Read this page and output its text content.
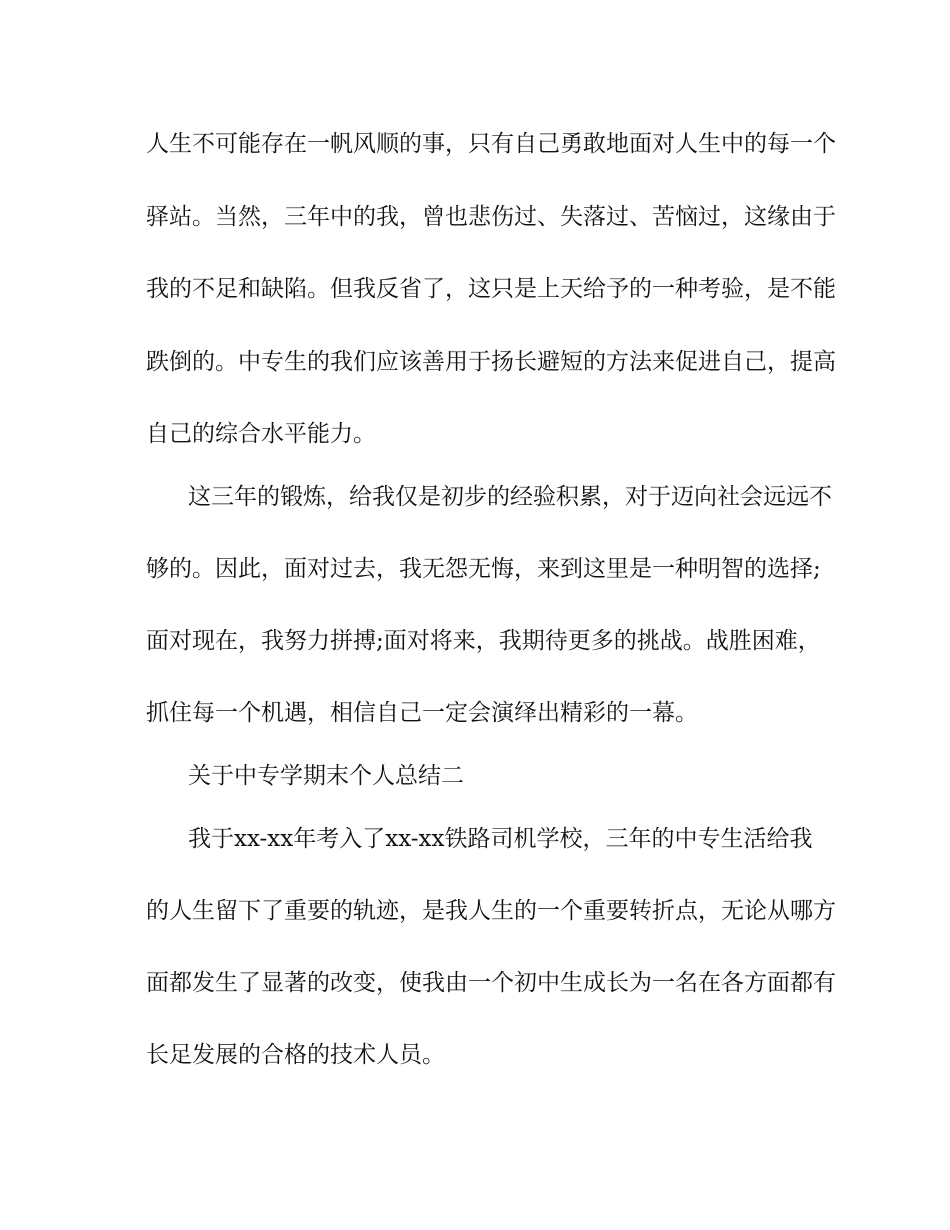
人生不可能存在一帆风顺的事，只有自己勇敢地面对人生中的每一个
驿站。当然，三年中的我，曾也悲伤过、失落过、苦恼过，这缘由于
我的不足和缺陷。但我反省了，这只是上天给予的一种考验，是不能
跌倒的。中专生的我们应该善用于扬长避短的方法来促进自己，提高
自己的综合水平能力。
这三年的锻炼，给我仅是初步的经验积累，对于迈向社会远远不
够的。因此，面对过去，我无怨无悔，来到这里是一种明智的选择;
面对现在，我努力拼搏;面对将来，我期待更多的挑战。战胜困难，
抓住每一个机遇，相信自己一定会演绎出精彩的一幕。
关于中专学期末个人总结二
我于xx-xx年考入了xx-xx铁路司机学校，三年的中专生活给我
的人生留下了重要的轨迹，是我人生的一个重要转折点，无论从哪方
面都发生了显著的改变，使我由一个初中生成长为一名在各方面都有
长足发展的合格的技术人员。
